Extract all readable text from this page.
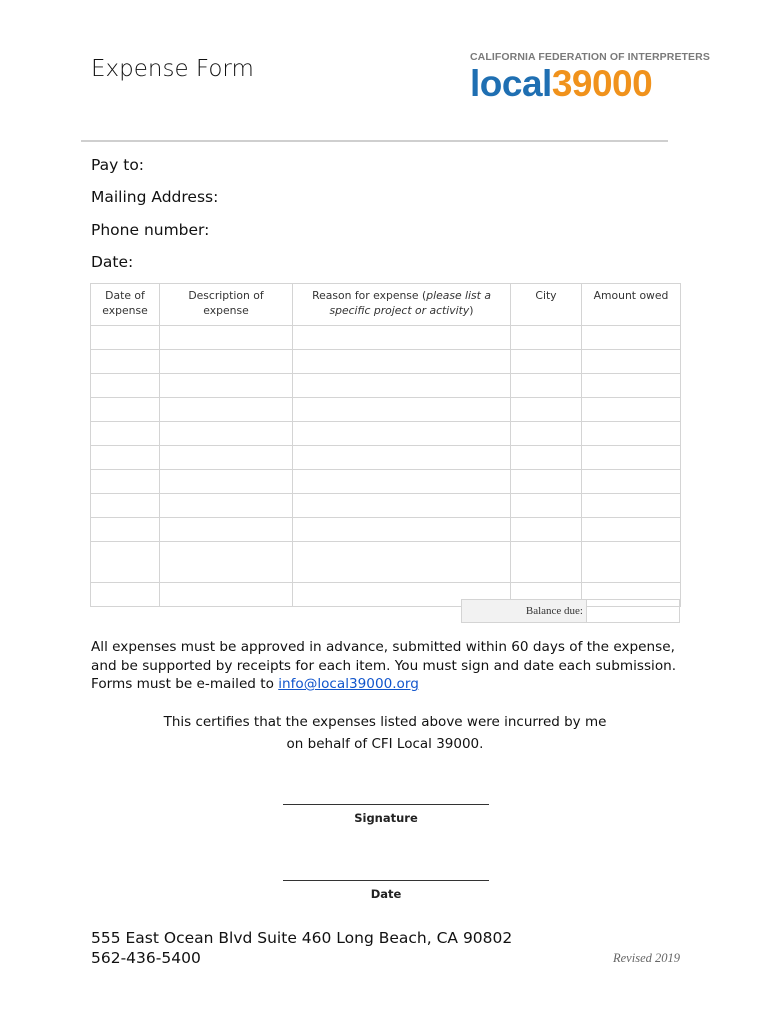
Expense Form	CALIFORNIA FEDERATION OF INTERPRETERS
local39000
Pay to:
Mailing Address:
Phone number:
Date:
Date of expense	Description of expense	Reason for expense (please list a specific project or activity)	City	Amount owed

Balance due:
All expenses must be approved in advance, submitted within 60 days of the expense, and be supported by receipts for each item. You must sign and date each submission. Forms must be e-mailed to info@local39000.org
This certifies that the expenses listed above were incurred by me
on behalf of CFI Local 39000.
Signature
Date
555 East Ocean Blvd Suite 460 Long Beach, CA 90802
562-436-5400	Revised 2019
